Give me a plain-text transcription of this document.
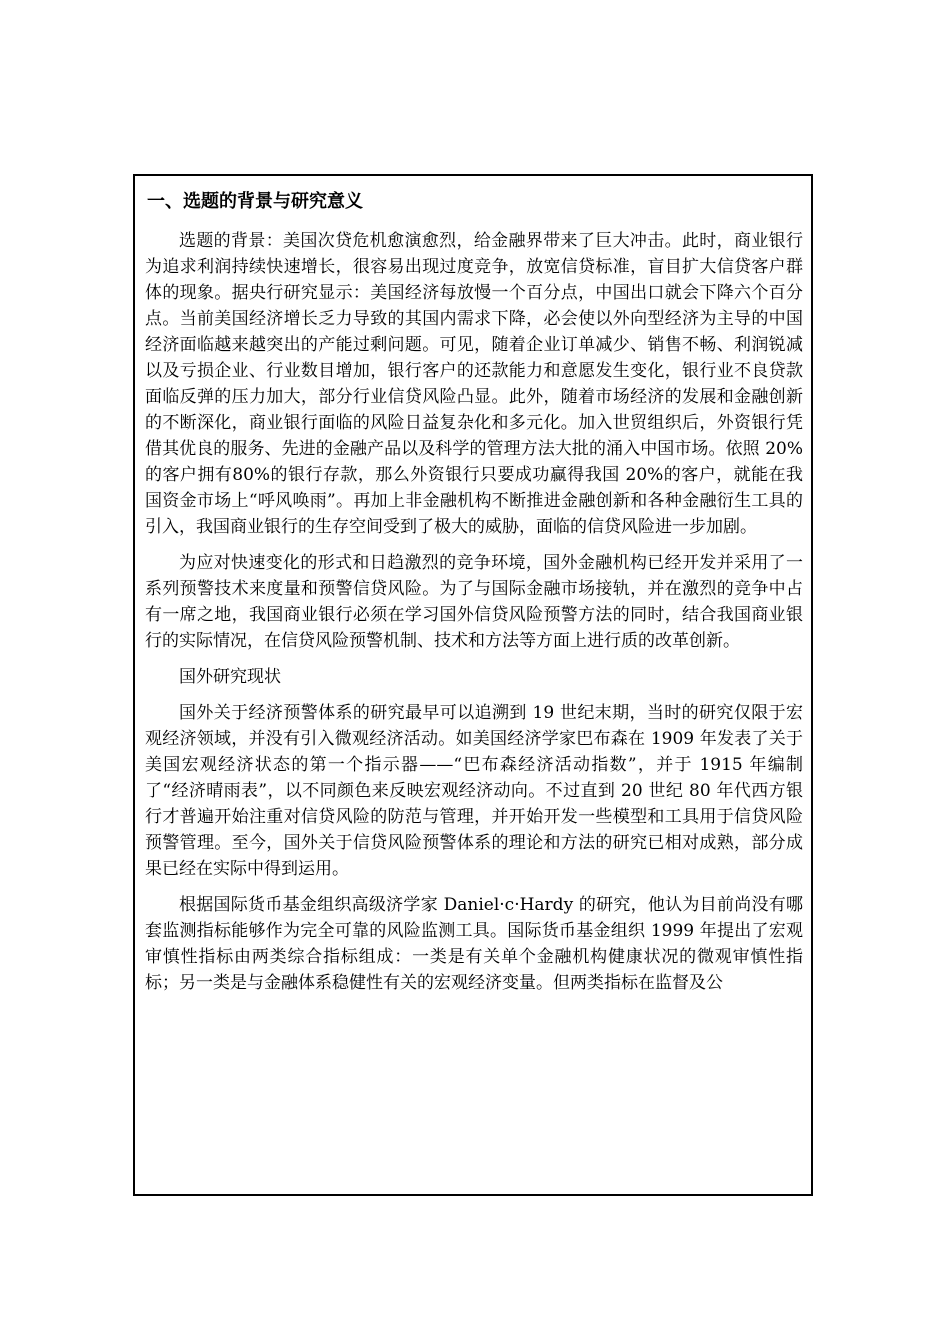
一、选题的背景与研究意义

选题的背景：美国次贷危机愈演愈烈，给金融界带来了巨大冲击。此时，商业银行为追求利润持续快速增长，很容易出现过度竞争，放宽信贷标准，盲目扩大信贷客户群体的现象。据央行研究显示：美国经济每放慢一个百分点，中国出口就会下降六个百分点。当前美国经济增长乏力导致的其国内需求下降，必会使以外向型经济为主导的中国经济面临越来越突出的产能过剩问题。可见，随着企业订单减少、销售不畅、利润锐减以及亏损企业、行业数目增加，银行客户的还款能力和意愿发生变化，银行业不良贷款面临反弹的压力加大，部分行业信贷风险凸显。此外，随着市场经济的发展和金融创新的不断深化，商业银行面临的风险日益复杂化和多元化。加入世贸组织后，外资银行凭借其优良的服务、先进的金融产品以及科学的管理方法大批的涌入中国市场。依照 20%的客户拥有80%的银行存款，那么外资银行只要成功赢得我国 20%的客户，就能在我国资金市场上“呼风唤雨”。再加上非金融机构不断推进金融创新和各种金融衍生工具的引入，我国商业银行的生存空间受到了极大的威胁，面临的信贷风险进一步加剧。

为应对快速变化的形式和日趋激烈的竞争环境，国外金融机构已经开发并采用了一系列预警技术来度量和预警信贷风险。为了与国际金融市场接轨，并在激烈的竞争中占有一席之地，我国商业银行必须在学习国外信贷风险预警方法的同时，结合我国商业银行的实际情况，在信贷风险预警机制、技术和方法等方面上进行质的改革创新。

国外研究现状

国外关于经济预警体系的研究最早可以追溯到 19 世纪末期，当时的研究仅限于宏观经济领域，并没有引入微观经济活动。如美国经济学家巴布森在 1909 年发表了关于美国宏观经济状态的第一个指示器——“巴布森经济活动指数”，并于 1915 年编制了“经济晴雨表”，以不同颜色来反映宏观经济动向。不过直到 20 世纪 80 年代西方银行才普遍开始注重对信贷风险的防范与管理，并开始开发一些模型和工具用于信贷风险预警管理。至今，国外关于信贷风险预警体系的理论和方法的研究已相对成熟，部分成果已经在实际中得到运用。

根据国际货币基金组织高级济学家 Daniel·c·Hardy 的研究，他认为目前尚没有哪套监测指标能够作为完全可靠的风险监测工具。国际货币基金组织 1999 年提出了宏观审慎性指标由两类综合指标组成：一类是有关单个金融机构健康状况的微观审慎性指标；另一类是与金融体系稳健性有关的宏观经济变量。但两类指标在监督及公
